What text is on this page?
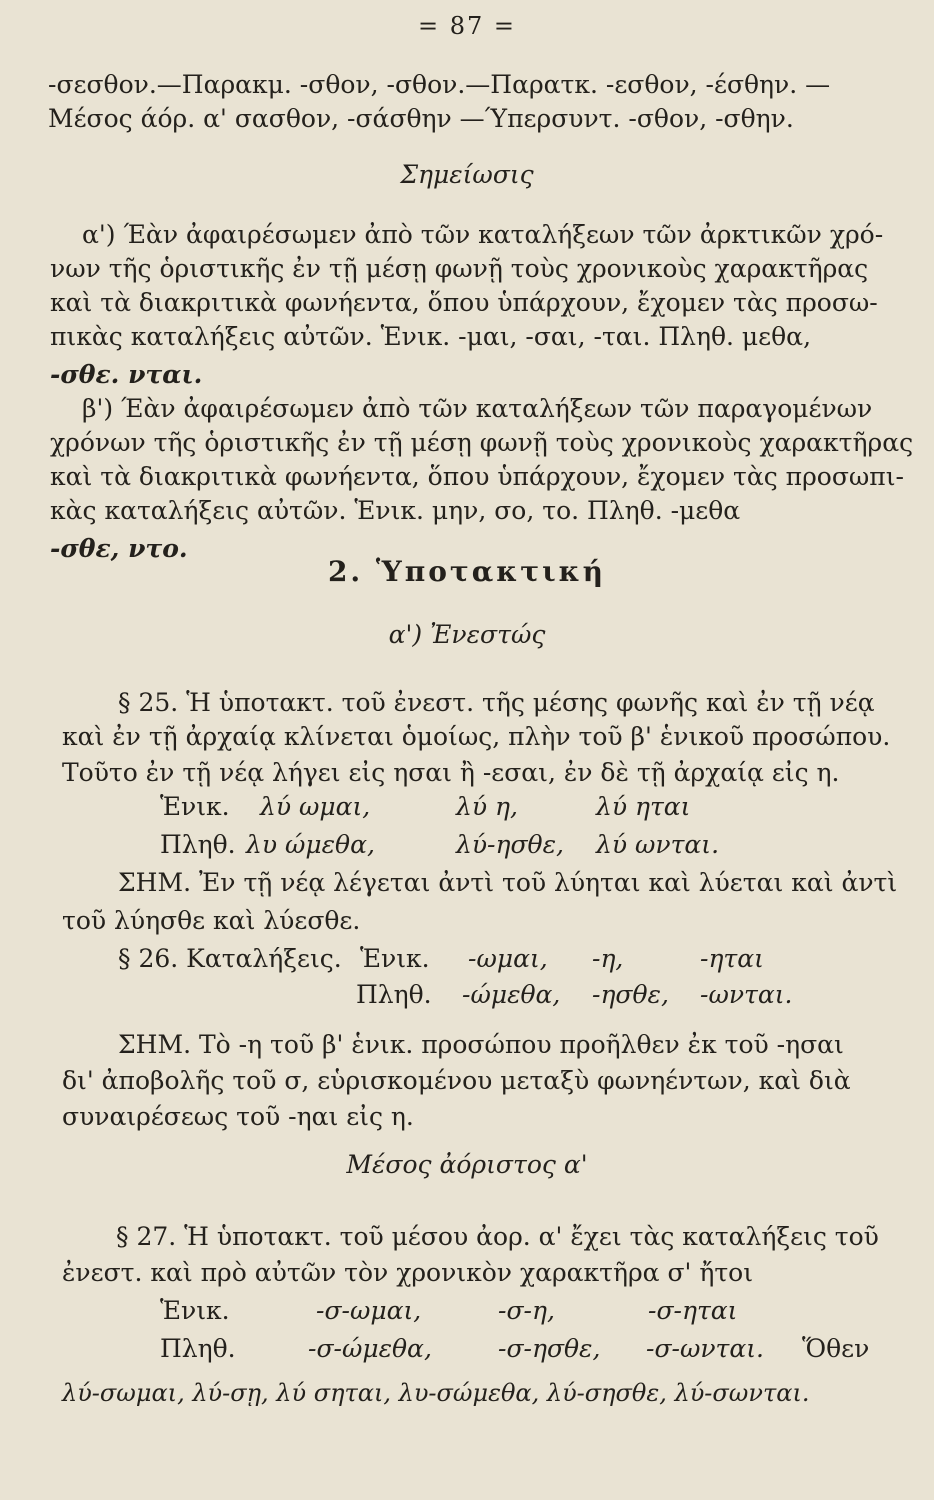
= 87 =
-σεσθον.—Παρακμ. -σθον, -σθον.—Παρατκ. -εσθον, -έσθην. —
Μέσος άόρ. α' σασθον, -σάσθην —Ύπερσυντ. -σθον, -σθην.
Σημείωσις
α') Έὰν ἀφαιρέσωμεν ἀπὸ τῶν καταλήξεων τῶν ἀρκτικῶν χρό-
νων τῆς ὁριστικῆς ἐν τῇ μέσῃ φωνῇ τοὺς χρονικοὺς χαρακτῆρας
καὶ τὰ διακριτικὰ φωνήεντα, ὅπου ὑπάρχουν, ἔχομεν τὰς προσω-
πικὰς καταλήξεις αὐτῶν. Ἑνικ. -μαι, -σαι, -ται. Πληθ. μεθα,
-σθε. νται.
β') Έὰν ἀφαιρέσωμεν ἀπὸ τῶν καταλήξεων τῶν παραγομένων
χρόνων τῆς ὁριστικῆς ἐν τῇ μέσῃ φωνῇ τοὺς χρονικοὺς χαρακτῆρας
καὶ τὰ διακριτικὰ φωνήεντα, ὅπου ὑπάρχουν, ἔχομεν τὰς προσωπι-
κὰς καταλήξεις αὐτῶν. Ἑνικ. μην, σο, το. Πληθ. -μεθα
-σθε, ντο.
2. Ὑποτακτική
α') Ἐνεστώς
§ 25. Ἡ ὑποτακτ. τοῦ ἐνεστ. τῆς μέσης φωνῆς καὶ ἐν τῇ νέᾳ
καὶ ἐν τῇ ἀρχαίᾳ κλίνεται ὁμοίως, πλὴν τοῦ β' ἑνικοῦ προσώπου.
Τοῦτο ἐν τῇ νέᾳ λήγει εἰς ησαι ἢ -εσαι, ἐν δὲ τῇ ἀρχαίᾳ εἰς η.
Ἑνικ. λύ ωμαι,	λύ η,	λύ ηται
Πληθ. λυ ώμεθα,	λύ-ησθε, λύ ωνται.
ΣΗΜ. Ἐν τῇ νέᾳ λέγεται ἀντὶ τοῦ λύηται καὶ λύεται καὶ ἀντὶ
τοῦ λύησθε καὶ λύεσθε.
§ 26. Καταλήξεις. Ἑνικ. -ωμαι, -η,	-ηται
Πληθ. -ώμεθα, -ησθε, -ωνται.
ΣΗΜ. Τὸ -η τοῦ β' ἑνικ. προσώπου προῆλθεν ἐκ τοῦ -ησαι
δι' ἀποβολῆς τοῦ σ, εὑρισκομένου μεταξὺ φωνηέντων, καὶ διὰ
συναιρέσεως τοῦ -ηαι εἰς η.
Μέσος ἀόριστος α'
§ 27. Ἡ ὑποτακτ. τοῦ μέσου ἀορ. α' ἔχει τὰς καταλήξεις τοῦ
ἐνεστ. καὶ πρὸ αὐτῶν τὸν χρονικὸν χαρακτῆρα σ' ἤτοι
Ἑνικ.	-σ-ωμαι,	-σ-η,	-σ-ηται
Πληθ.	-σ-ώμεθα,	-σ-ησθε, -σ-ωνται. Ὅθεν
λύ-σωμαι, λύ-σῃ, λύ σηται, λυ-σώμεθα, λύ-σησθε, λύ-σωνται.
